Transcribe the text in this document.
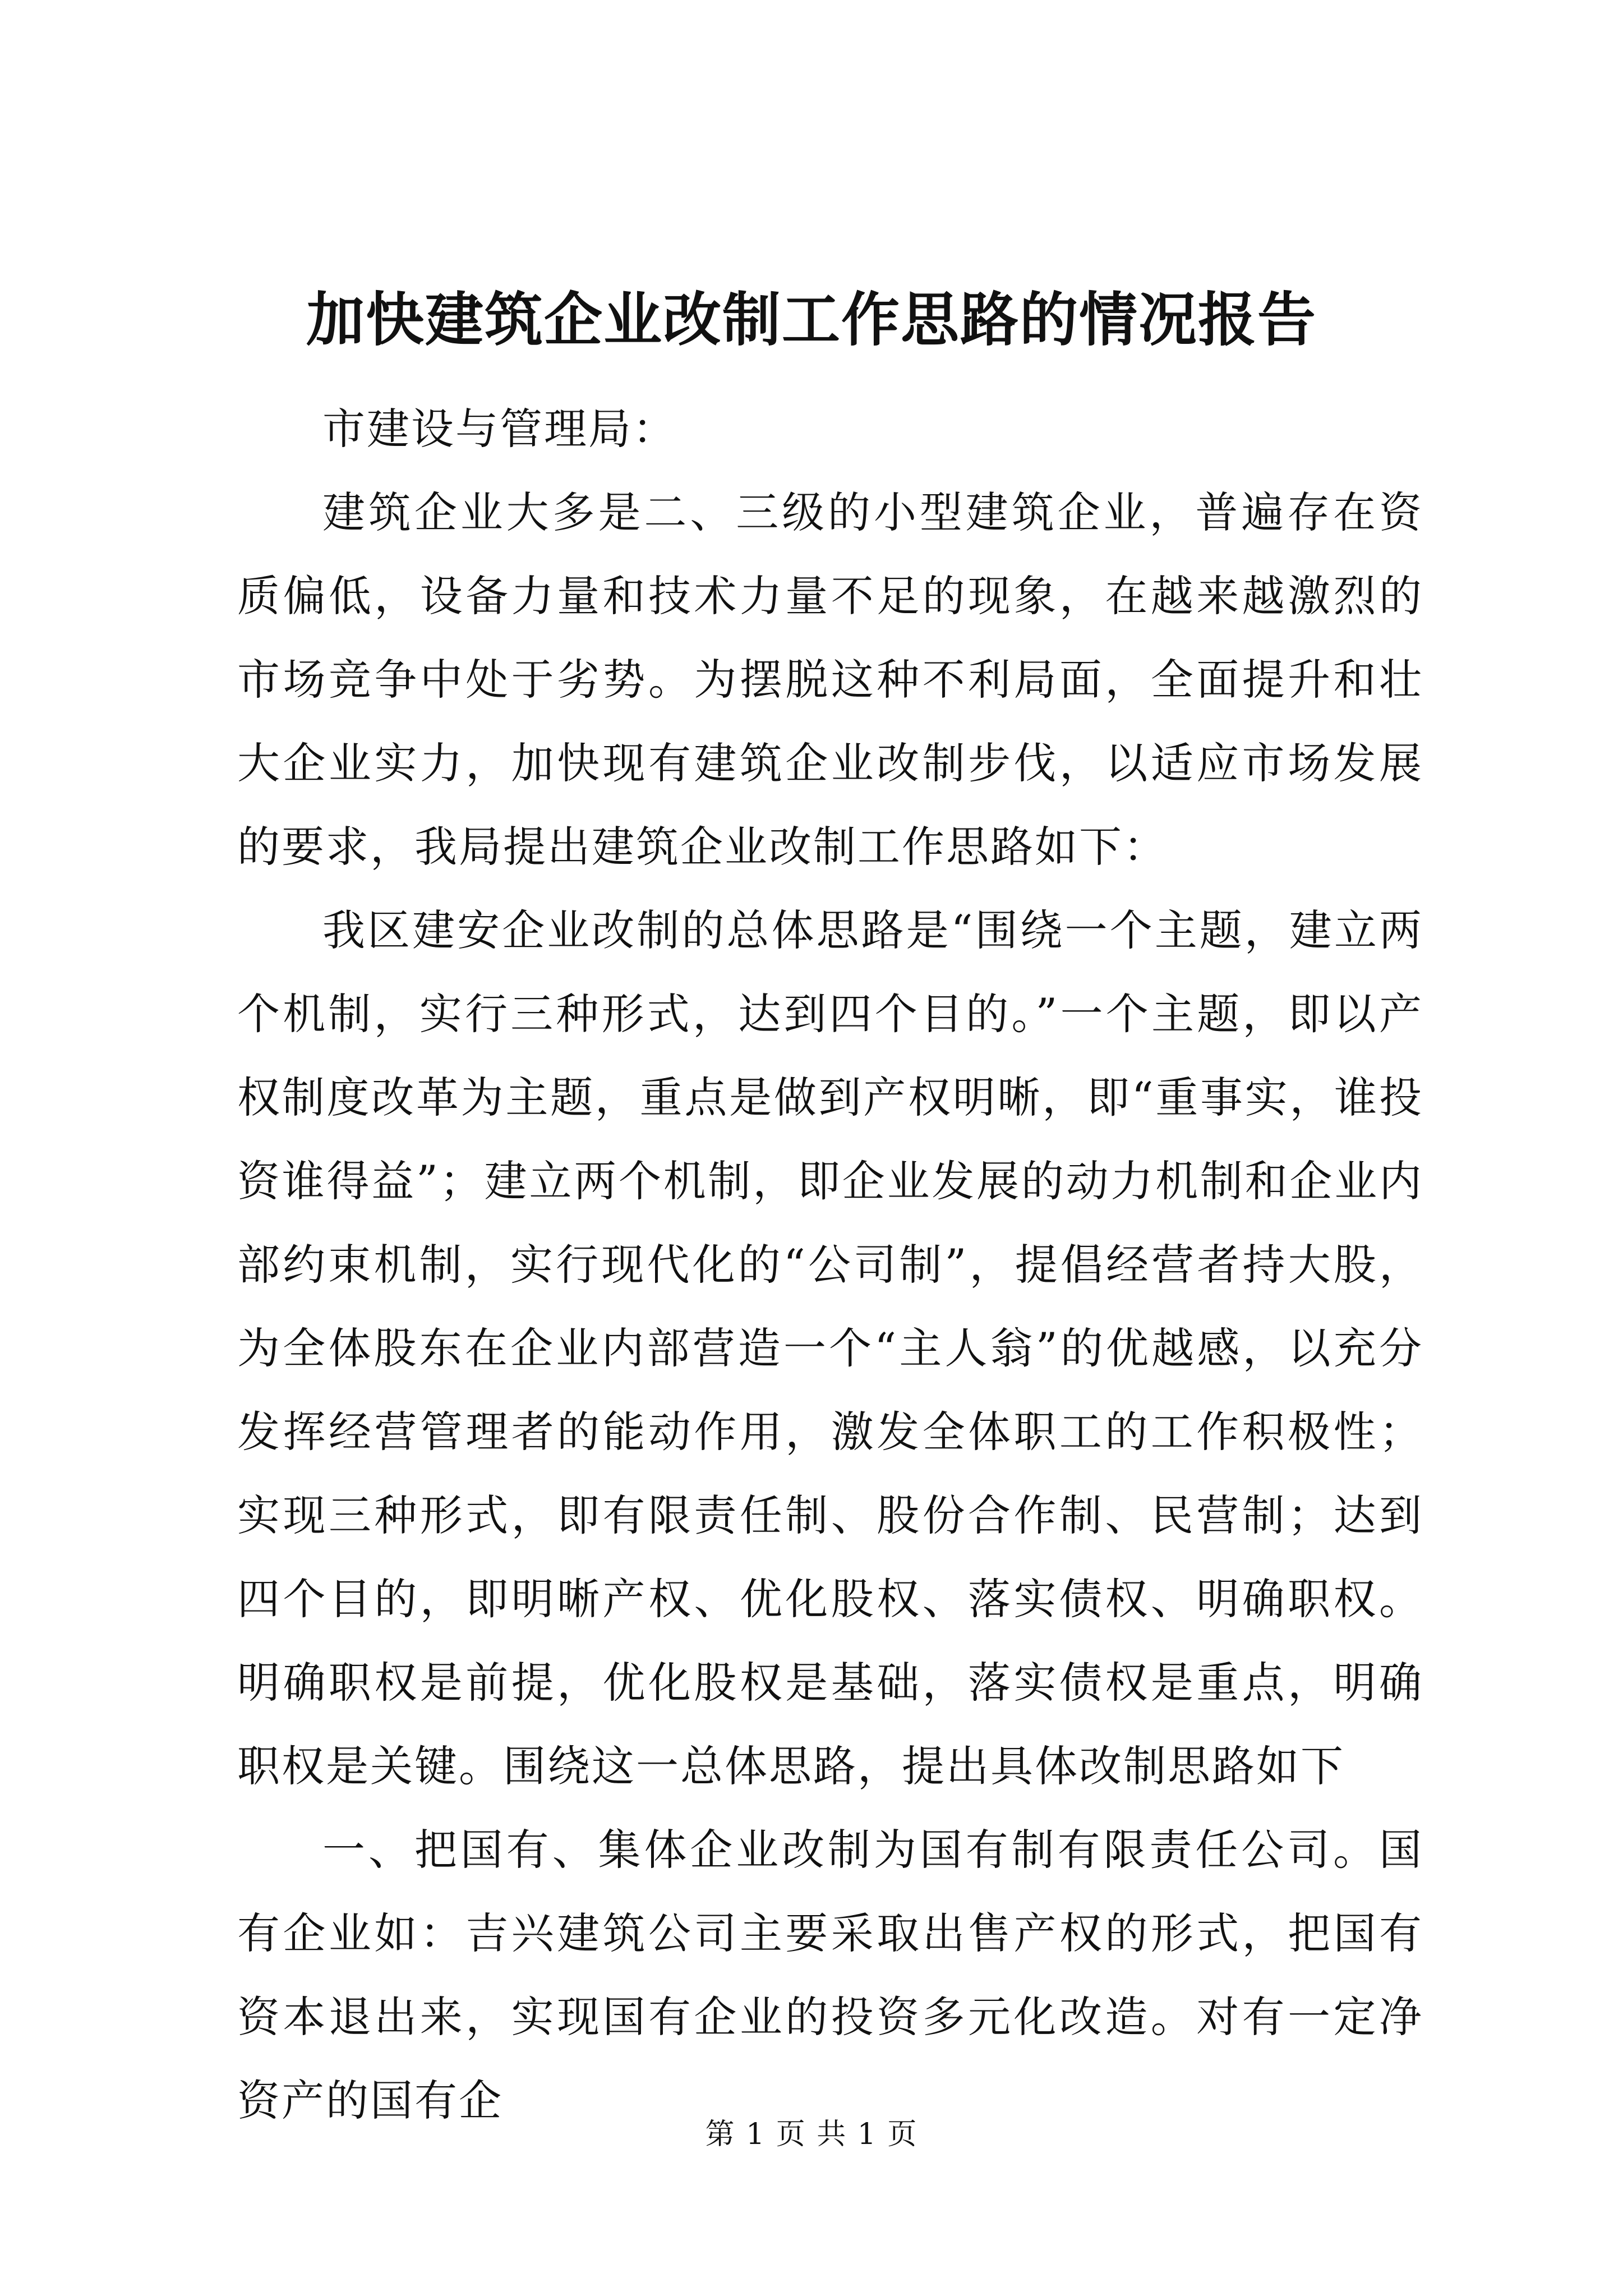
加快建筑企业改制工作思路的情况报告

市建设与管理局：

建筑企业大多是二、三级的小型建筑企业，普遍存在资质偏低，设备力量和技术力量不足的现象，在越来越激烈的市场竞争中处于劣势。为摆脱这种不利局面，全面提升和壮大企业实力，加快现有建筑企业改制步伐，以适应市场发展的要求，我局提出建筑企业改制工作思路如下：

我区建安企业改制的总体思路是“围绕一个主题，建立两个机制，实行三种形式，达到四个目的。”一个主题，即以产权制度改革为主题，重点是做到产权明晰，即“重事实，谁投资谁得益”；建立两个机制，即企业发展的动力机制和企业内部约束机制，实行现代化的“公司制”，提倡经营者持大股，为全体股东在企业内部营造一个“主人翁”的优越感，以充分发挥经营管理者的能动作用，激发全体职工的工作积极性；实现三种形式，即有限责任制、股份合作制、民营制；达到四个目的，即明晰产权、优化股权、落实债权、明确职权。明确职权是前提，优化股权是基础，落实债权是重点，明确职权是关键。围绕这一总体思路，提出具体改制思路如下

一、把国有、集体企业改制为国有制有限责任公司。国有企业如：吉兴建筑公司主要采取出售产权的形式，把国有资本退出来，实现国有企业的投资多元化改造。对有一定净资产的国有企

第 1 页 共 1 页
